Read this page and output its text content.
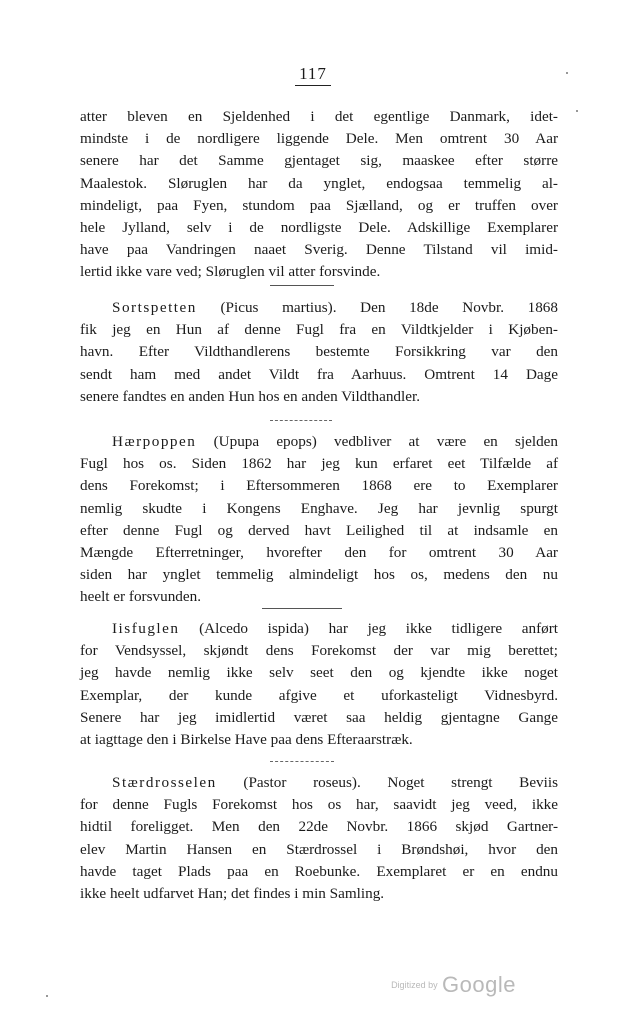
117
atter bleven en Sjeldenhed i det egentlige Danmark, idet-
mindste i de nordligere liggende Dele. Men omtrent 30 Aar
senere har det Samme gjentaget sig, maaskee efter større
Maalestok. Sløruglen har da ynglet, endogsaa temmelig al-
mindeligt, paa Fyen, stundom paa Sjælland, og er truffen over
hele Jylland, selv i de nordligste Dele. Adskillige Exemplarer
have paa Vandringen naaet Sverig. Denne Tilstand vil imid-
lertid ikke vare ved; Sløruglen vil atter forsvinde.
Sortspetten (Picus martius). Den 18de Novbr. 1868
fik jeg en Hun af denne Fugl fra en Vildtkjelder i Kjøben-
havn. Efter Vildthandlerens bestemte Forsikkring var den
sendt ham med andet Vildt fra Aarhuus. Omtrent 14 Dage
senere fandtes en anden Hun hos en anden Vildthandler.
Hærpoppen (Upupa epops) vedbliver at være en sjelden
Fugl hos os. Siden 1862 har jeg kun erfaret eet Tilfælde af
dens Forekomst; i Eftersommeren 1868 ere to Exemplarer
nemlig skudte i Kongens Enghave. Jeg har jevnlig spurgt
efter denne Fugl og derved havt Leilighed til at indsamle en
Mængde Efterretninger, hvorefter den for omtrent 30 Aar
siden har ynglet temmelig almindeligt hos os, medens den nu
heelt er forsvunden.
Iisfuglen (Alcedo ispida) har jeg ikke tidligere anført
for Vendsyssel, skjøndt dens Forekomst der var mig berettet;
jeg havde nemlig ikke selv seet den og kjendte ikke noget
Exemplar, der kunde afgive et uforkasteligt Vidnesbyrd.
Senere har jeg imidlertid været saa heldig gjentagne Gange
at iagttage den i Birkelse Have paa dens Efteraarstræk.
Stærdrosselen (Pastor roseus). Noget strengt Beviis
for denne Fugls Forekomst hos os har, saavidt jeg veed, ikke
hidtil foreligget. Men den 22de Novbr. 1866 skjød Gartner-
elev Martin Hansen en Stærdrossel i Brøndshøi, hvor den
havde taget Plads paa en Roebunke. Exemplaret er en endnu
ikke heelt udfarvet Han; det findes i min Samling.
Digitized by Google
